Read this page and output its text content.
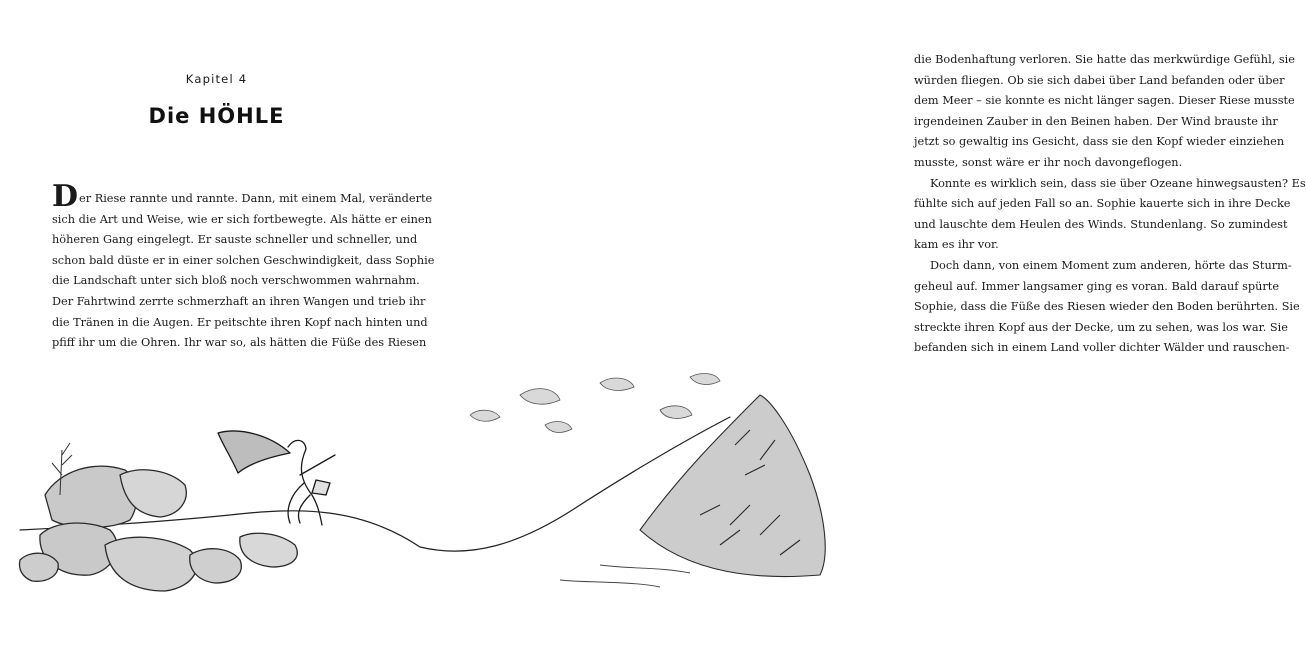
Kapitel 4
Die HÖHLE
Der Riese rannte und rannte. Dann, mit einem Mal, veränderte
sich die Art und Weise, wie er sich fortbewegte. Als hätte er einen
höheren Gang eingelegt. Er sauste schneller und schneller, und
schon bald düste er in einer solchen Geschwindigkeit, dass Sophie
die Landschaft unter sich bloß noch verschwommen wahrnahm.
Der Fahrtwind zerrte schmerzhaft an ihren Wangen und trieb ihr
die Tränen in die Augen. Er peitschte ihren Kopf nach hinten und
pfiff ihr um die Ohren. Ihr war so, als hätten die Füße des Riesen
die Bodenhaftung verloren. Sie hatte das merkwürdige Gefühl, sie
würden fliegen. Ob sie sich dabei über Land befanden oder über
dem Meer – sie konnte es nicht länger sagen. Dieser Riese musste
irgendeinen Zauber in den Beinen haben. Der Wind brauste ihr
jetzt so gewaltig ins Gesicht, dass sie den Kopf wieder einziehen
musste, sonst wäre er ihr noch davongeflogen.
Konnte es wirklich sein, dass sie über Ozeane hinwegsausten? Es
fühlte sich auf jeden Fall so an. Sophie kauerte sich in ihre Decke
und lauschte dem Heulen des Winds. Stundenlang. So zumindest
kam es ihr vor.
Doch dann, von einem Moment zum anderen, hörte das Sturm-
geheul auf. Immer langsamer ging es voran. Bald darauf spürte
Sophie, dass die Füße des Riesen wieder den Boden berührten. Sie
streckte ihren Kopf aus der Decke, um zu sehen, was los war. Sie
befanden sich in einem Land voller dichter Wälder und rauschen-
